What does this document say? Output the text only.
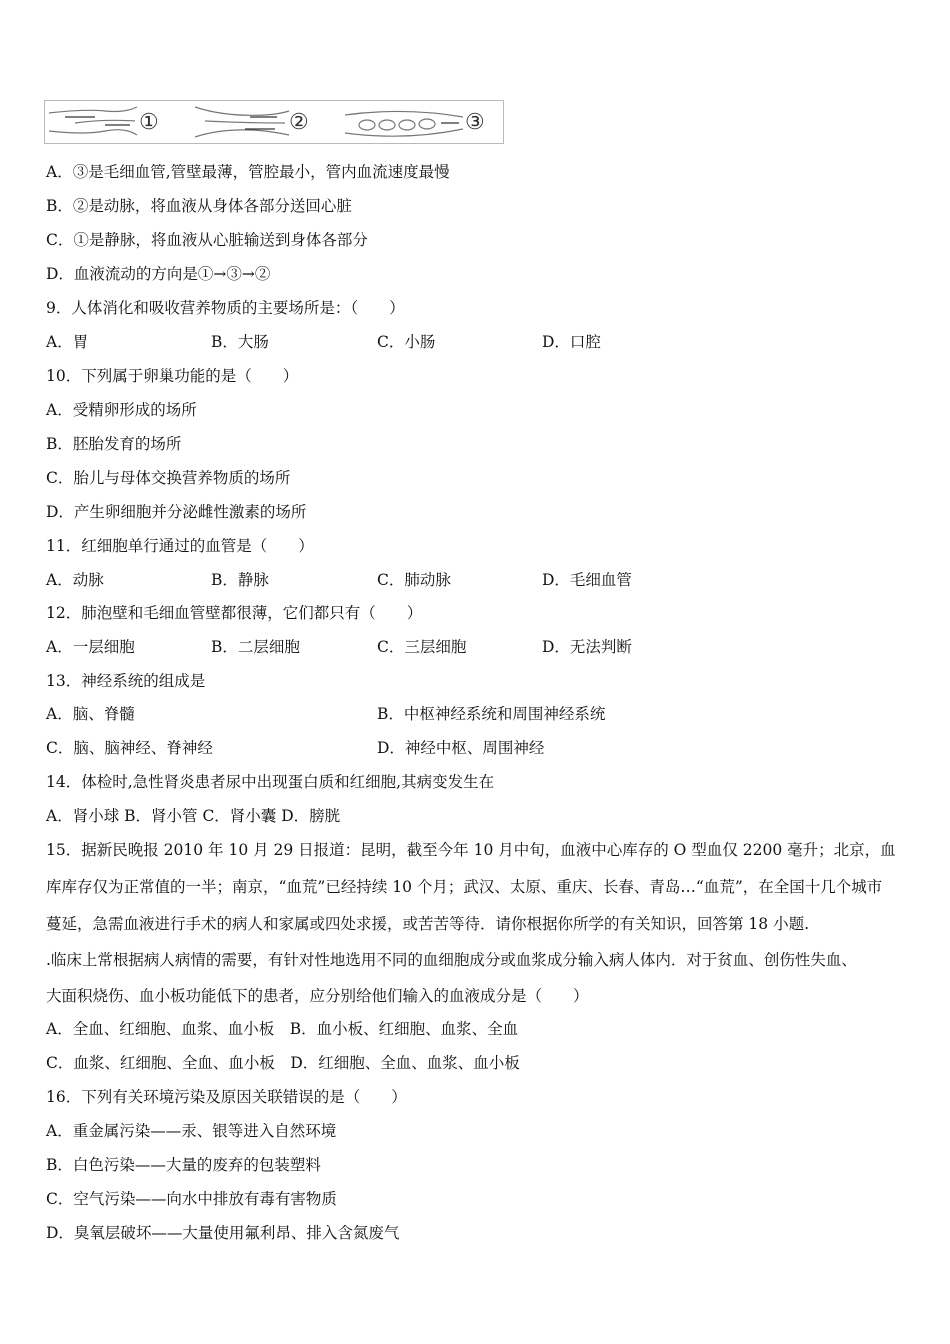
①	②	③
A．③是毛细血管,管壁最薄，管腔最小，管内血流速度最慢
B．②是动脉，将血液从身体各部分送回心脏
C．①是静脉，将血液从心脏输送到身体各部分
D．血液流动的方向是①→③→②
9．人体消化和吸收营养物质的主要场所是：（　　）
A．胃	B．大肠	C．小肠	D．口腔
10．下列属于卵巢功能的是（　　）
A．受精卵形成的场所
B．胚胎发育的场所
C．胎儿与母体交换营养物质的场所
D．产生卵细胞并分泌雌性激素的场所
11．红细胞单行通过的血管是（　　）
A．动脉	B．静脉	C．肺动脉	D．毛细血管
12．肺泡壁和毛细血管壁都很薄，它们都只有（　　）
A．一层细胞	B．二层细胞	C．三层细胞	D．无法判断
13．神经系统的组成是
A．脑、脊髓	B．中枢神经系统和周围神经系统
C．脑、脑神经、脊神经	D．神经中枢、周围神经
14．体检时,急性肾炎患者尿中出现蛋白质和红细胞,其病变发生在
A．肾小球 B．肾小管 C．肾小囊 D．膀胱
15．据新民晚报 2010 年 10 月 29 日报道：昆明，截至今年 10 月中旬，血液中心库存的 O 型血仅 2200 毫升；北京，血
库库存仅为正常值的一半；南京，“血荒”已经持续 10 个月；武汉、太原、重庆、长春、青岛…“血荒”，在全国十几个城市
蔓延，急需血液进行手术的病人和家属或四处求援，或苦苦等待．请你根据你所学的有关知识，回答第 18 小题.
.临床上常根据病人病情的需要，有针对性地选用不同的血细胞成分或血浆成分输入病人体内．对于贫血、创伤性失血、
大面积烧伤、血小板功能低下的患者，应分别给他们输入的血液成分是（　　）
A．全血、红细胞、血浆、血小板　B．血小板、红细胞、血浆、全血
C．血浆、红细胞、全血、血小板　D．红细胞、全血、血浆、血小板
16．下列有关环境污染及原因关联错误的是（　　）
A．重金属污染——汞、银等进入自然环境
B．白色污染——大量的废弃的包装塑料
C．空气污染——向水中排放有毒有害物质
D．臭氧层破坏——大量使用氟利昂、排入含氮废气
